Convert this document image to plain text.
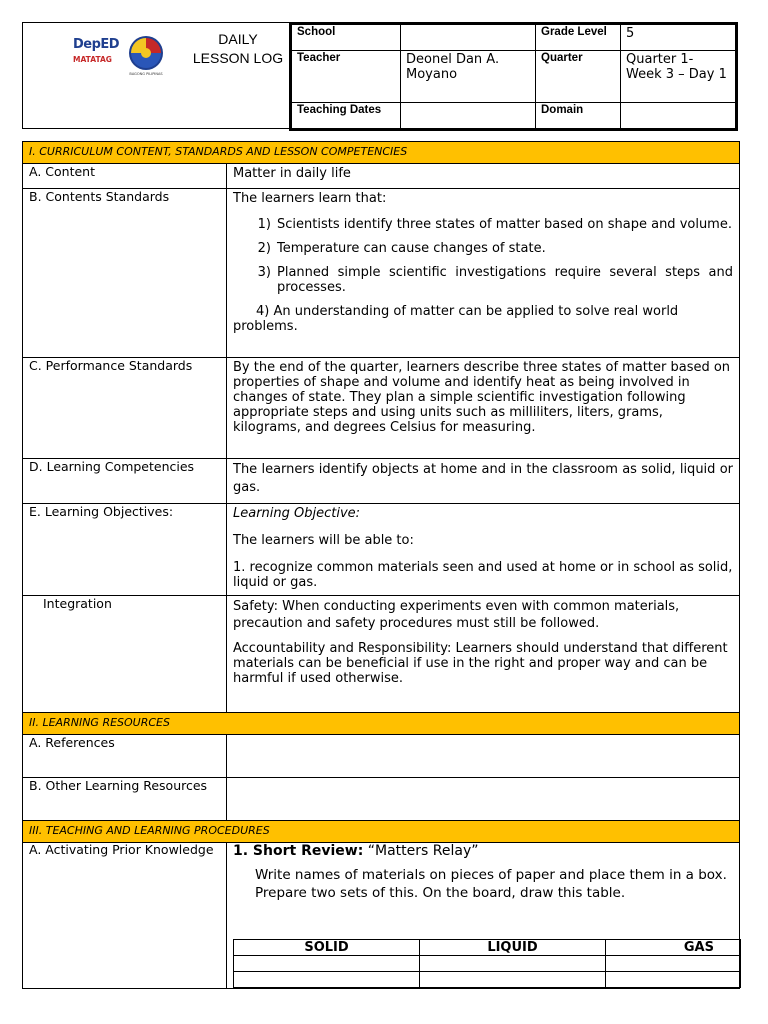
DepED
MATATAG
BAGONG PILIPINAS
DAILY
LESSON LOG
School		Grade Level	5
Teacher	Deonel Dan A. Moyano	Quarter	Quarter 1- Week 3 – Day 1
Teaching Dates		Domain	
I. CURRICULUM CONTENT, STANDARDS AND LESSON COMPETENCIES
A. Content	Matter in daily life
B. Contents Standards	The learners learn that:

1) Scientists identify three states of matter based on shape and volume.
2) Temperature can cause changes of state.
3) Planned simple scientific investigations require several steps and processes.

4) An understanding of matter can be applied to solve real world problems.

C. Performance Standards	By the end of the quarter, learners describe three states of matter based on properties of shape and volume and identify heat as being involved in changes of state. They plan a simple scientific investigation following appropriate steps and using units such as milliliters, liters, grams, kilograms, and degrees Celsius for measuring.
D. Learning Competencies	The learners identify objects at home and in the classroom as solid, liquid or gas.
E. Learning Objectives:	Learning Objective:

The learners will be able to:

1. recognize common materials seen and used at home or in school as solid, liquid or gas.

Integration	Safety: When conducting experiments even with common materials, precaution and safety procedures must still be followed.

Accountability and Responsibility: Learners should understand that different materials can be beneficial if use in the right and proper way and can be harmful if used otherwise.

II. LEARNING RESOURCES
A. References	
B. Other Learning Resources	
III. TEACHING AND LEARNING PROCEDURES
A. Activating Prior Knowledge	1. Short Review: “Matters Relay”

Write names of materials on pieces of paper and place them in a box. Prepare two sets of this. On the board, draw this table.

SOLID	LIQUID	GAS
